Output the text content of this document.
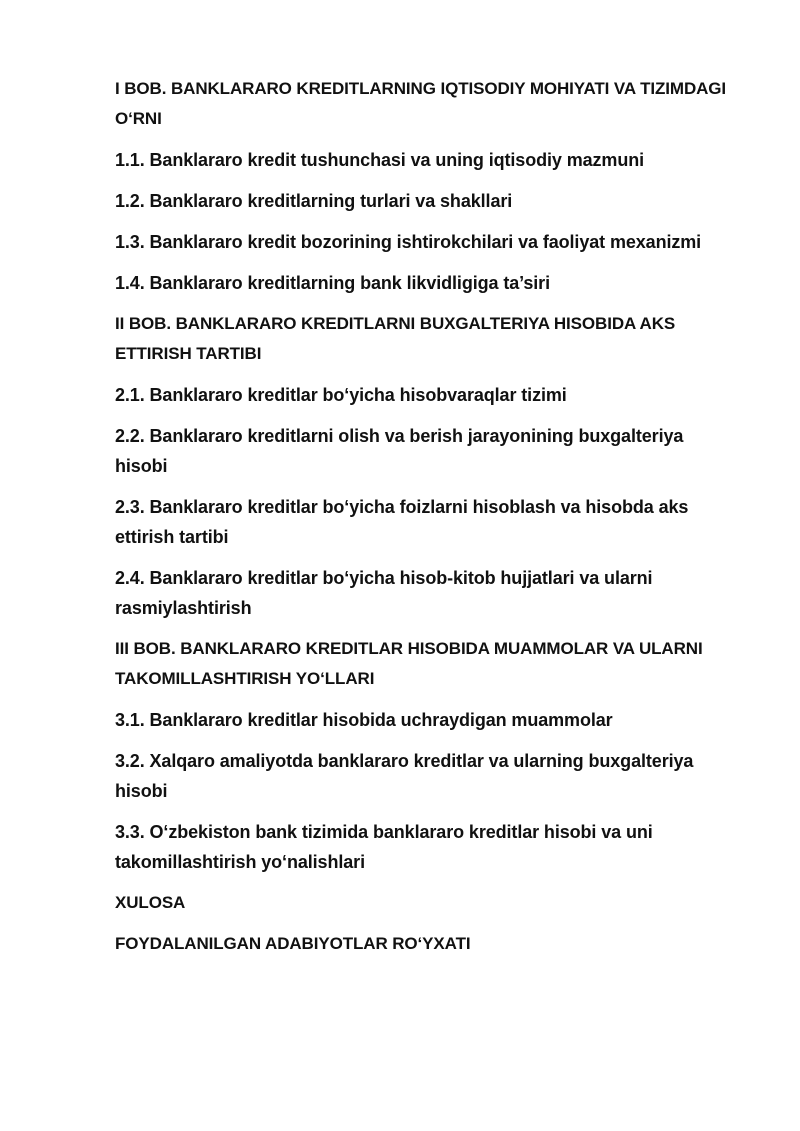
I BOB. BANKLARARO KREDITLARNING IQTISODIY MOHIYATI VA TIZIMDAGI O‘RNI

1.1. Banklararo kredit tushunchasi va uning iqtisodiy mazmuni

1.2. Banklararo kreditlarning turlari va shakllari

1.3. Banklararo kredit bozorining ishtirokchilari va faoliyat mexanizmi

1.4. Banklararo kreditlarning bank likvidligiga ta’siri

II BOB. BANKLARARO KREDITLARNI BUXGALTERIYA HISOBIDA AKS ETTIRISH TARTIBI

2.1. Banklararo kreditlar bo‘yicha hisobvaraqlar tizimi

2.2. Banklararo kreditlarni olish va berish jarayonining buxgalteriya hisobi

2.3. Banklararo kreditlar bo‘yicha foizlarni hisoblash va hisobda aks ettirish tartibi

2.4. Banklararo kreditlar bo‘yicha hisob-kitob hujjatlari va ularni rasmiylashtirish

III BOB. BANKLARARO KREDITLAR HISOBIDA MUAMMOLAR VA ULARNI TAKOMILLASHTIRISH YO‘LLARI

3.1. Banklararo kreditlar hisobida uchraydigan muammolar

3.2. Xalqaro amaliyotda banklararo kreditlar va ularning buxgalteriya hisobi

3.3. O‘zbekiston bank tizimida banklararo kreditlar hisobi va uni takomillashtirish yo‘nalishlari

XULOSA

FOYDALANILGAN ADABIYOTLAR RO‘YXATI
